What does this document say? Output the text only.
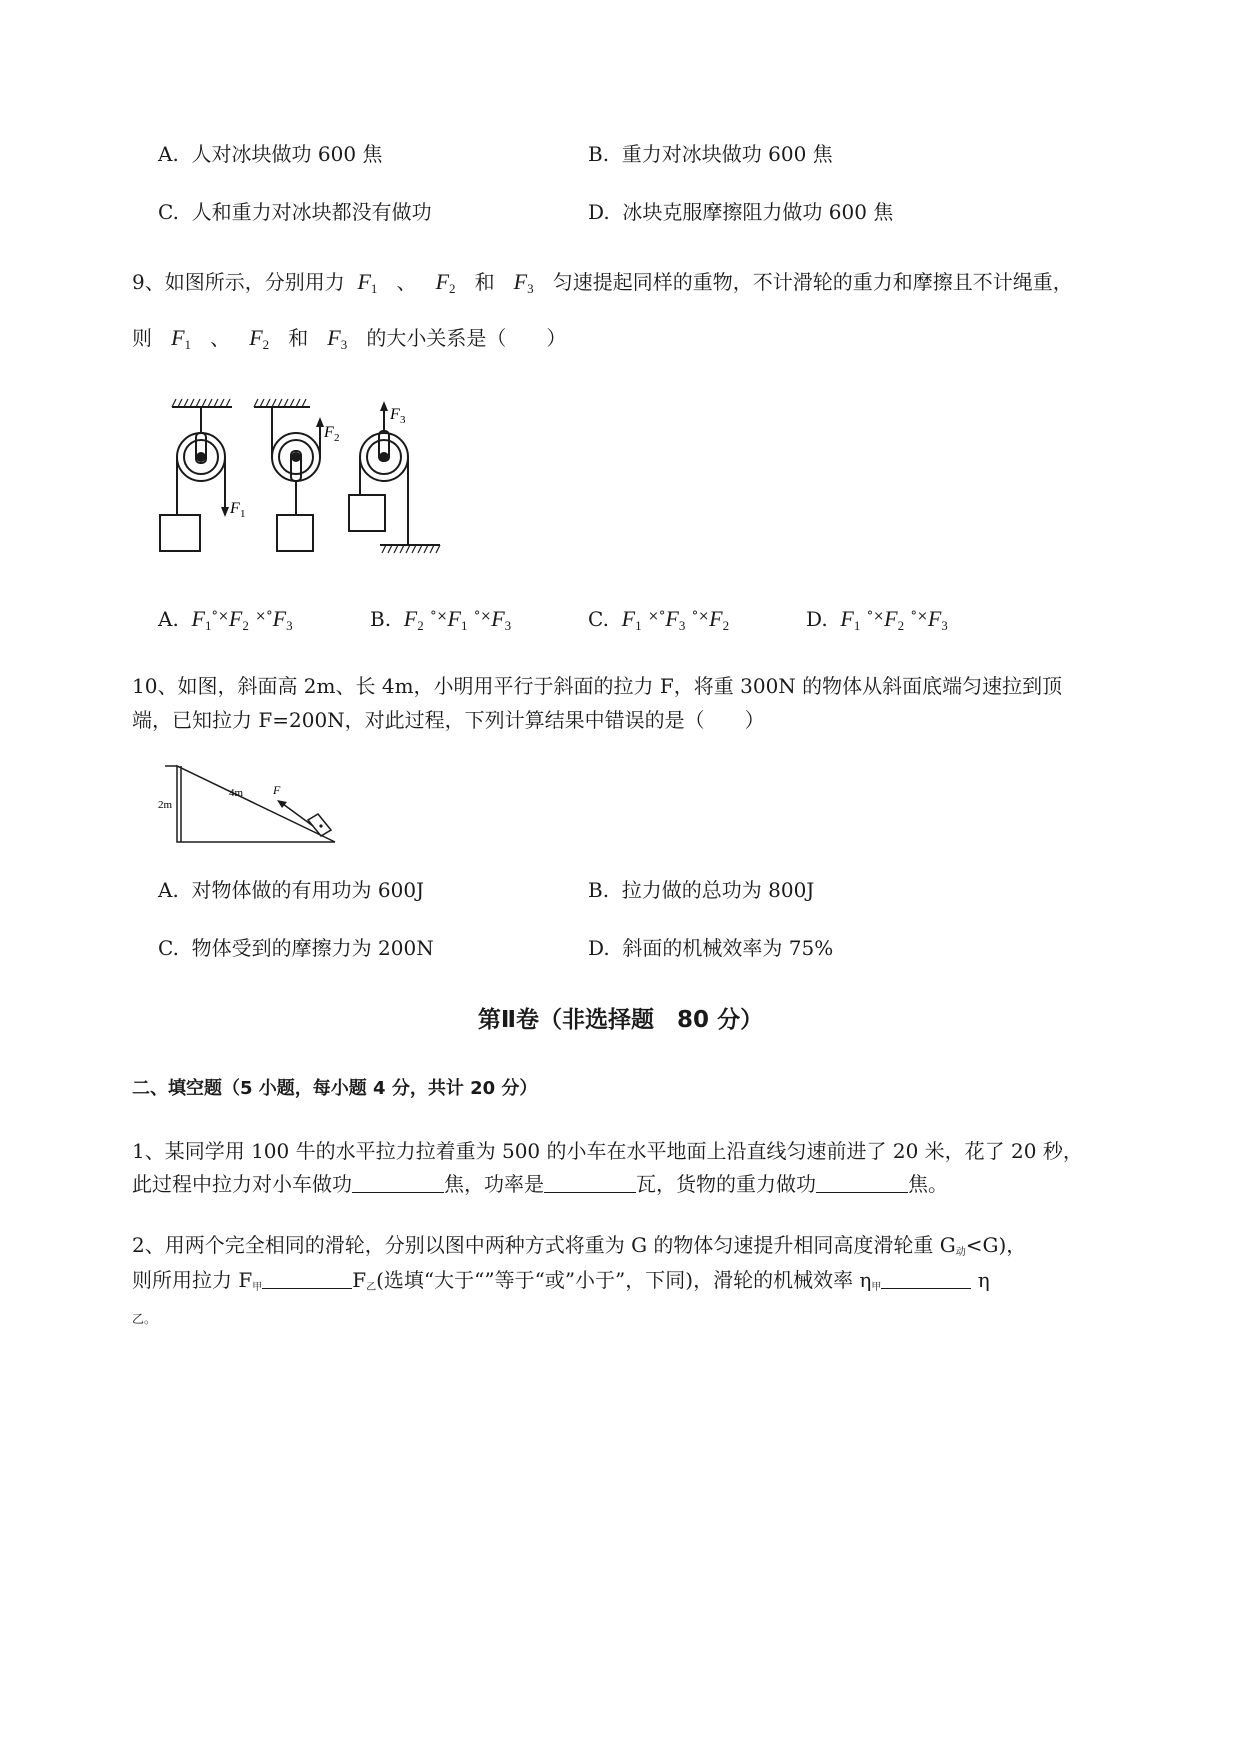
A. 人对冰块做功 600 焦	B. 重力对冰块做功 600 焦
C. 人和重力对冰块都没有做功	D. 冰块克服摩擦阻力做功 600 焦
9、如图所示，分别用力 $F_1$ 、 $F_2$ 和 $F_3$ 匀速提起同样的重物，不计滑轮的重力和摩擦且不计绳重，
则 $F_1$ 、 $F_2$ 和 $F_3$ 的大小关系是（　　）
F 1
F 2
F 3
A. $F_1^{^\circ\times}F_2$ $^{\times^\circ}F_3$	B. $F_2$ $^{^\circ\times}F_1$ $^{^\circ\times}F_3$	C. $F_1$ $^{\times^\circ}F_3$ $^{^\circ\times}F_2$	D. $F_1$ $^{^\circ\times}F_2$ $^{^\circ\times}F_3$
10、如图，斜面高 2m、长 4m，小明用平行于斜面的拉力 F，将重 300N 的物体从斜面底端匀速拉到顶
端，已知拉力 F=200N，对此过程，下列计算结果中错误的是（　　）
2m
4m F
A. 对物体做的有用功为 600J	B. 拉力做的总功为 800J
C. 物体受到的摩擦力为 200N	D. 斜面的机械效率为 75%
第Ⅱ卷（非选择题　80 分）
二、填空题（5 小题，每小题 4 分，共计 20 分）
1、某同学用 100 牛的水平拉力拉着重为 500 的小车在水平地面上沿直线匀速前进了 20 米，花了 20 秒，
此过程中拉力对小车做功	焦，功率是	瓦，货物的重力做功	焦。
2、用两个完全相同的滑轮，分别以图中两种方式将重为 G 的物体匀速提升相同高度滑轮重 G动<G)，
则所用拉力 F甲	F乙(选填“大于“”等于“或”小于”，下同)，滑轮的机械效率 η甲	η
乙。
